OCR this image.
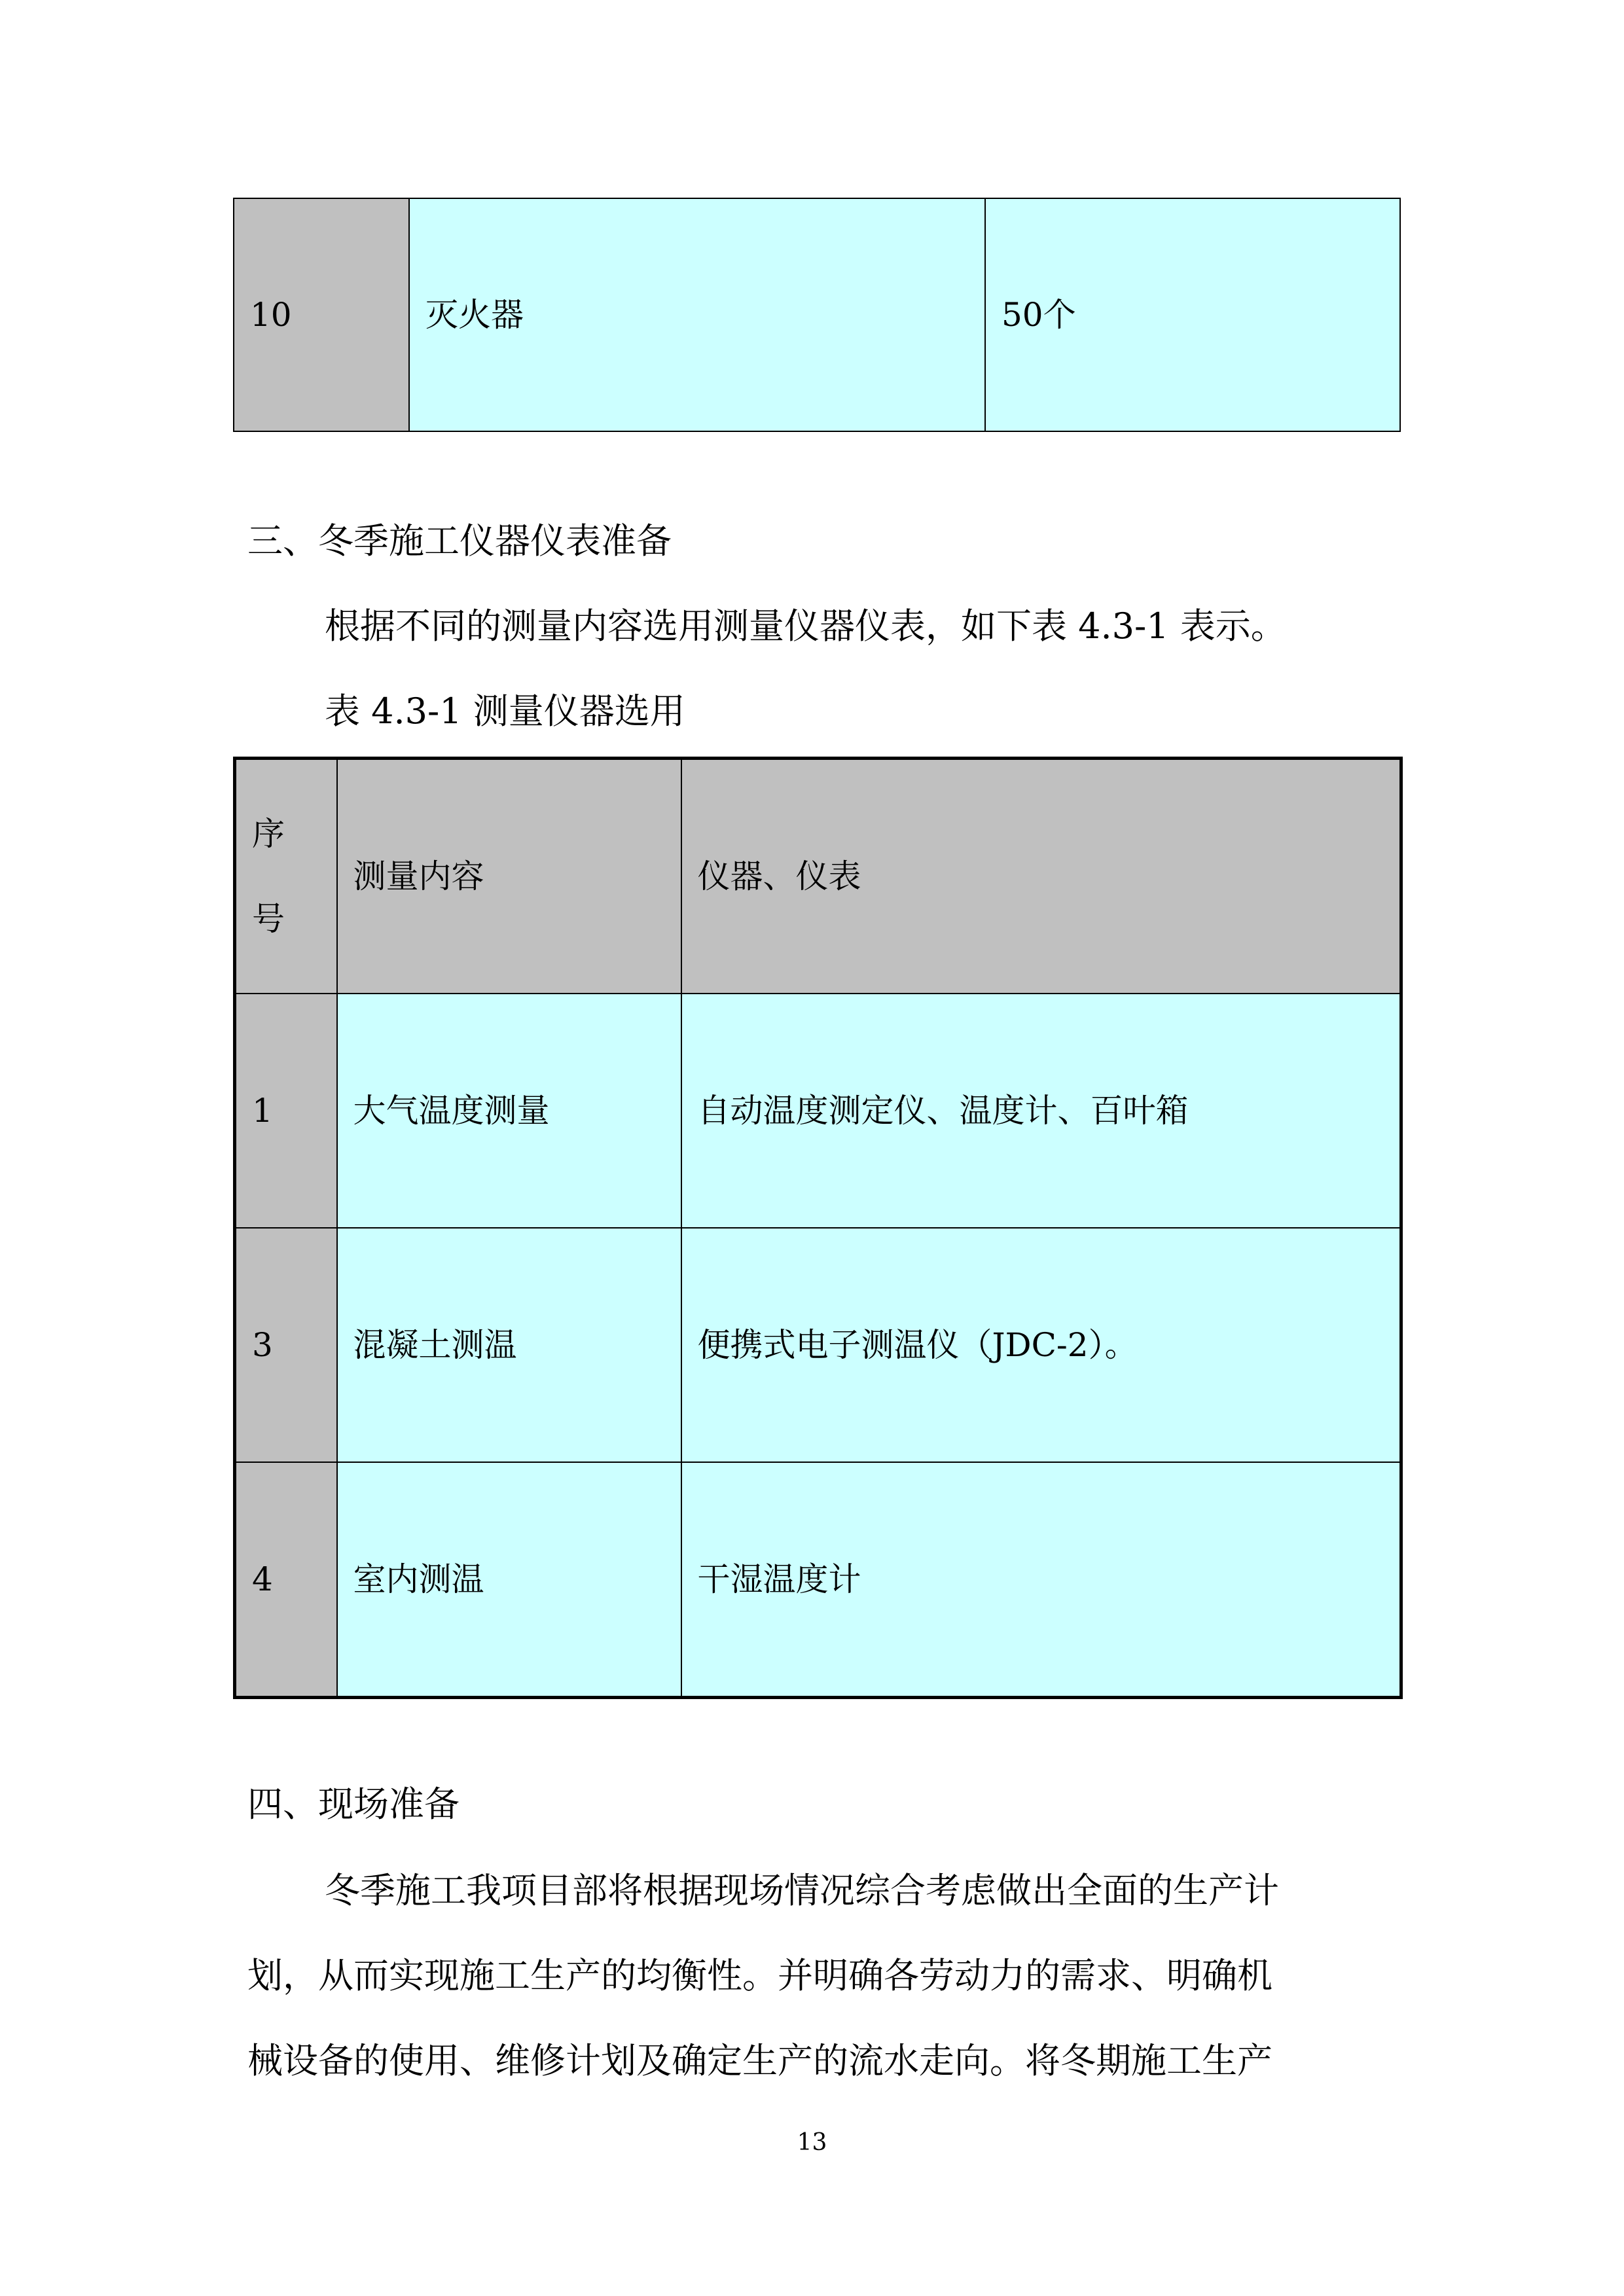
10	灭火器	50个
三、冬季施工仪器仪表准备
根据不同的测量内容选用测量仪器仪表，如下表 4.3-1 表示。
表 4.3-1 测量仪器选用
序
号	测量内容	仪器、仪表
1	大气温度测量	自动温度测定仪、温度计、百叶箱
3	混凝土测温	便携式电子测温仪（JDC-2）。
4	室内测温	干湿温度计
四、现场准备
冬季施工我项目部将根据现场情况综合考虑做出全面的生产计
划，从而实现施工生产的均衡性。并明确各劳动力的需求、明确机
械设备的使用、维修计划及确定生产的流水走向。将冬期施工生产
13
